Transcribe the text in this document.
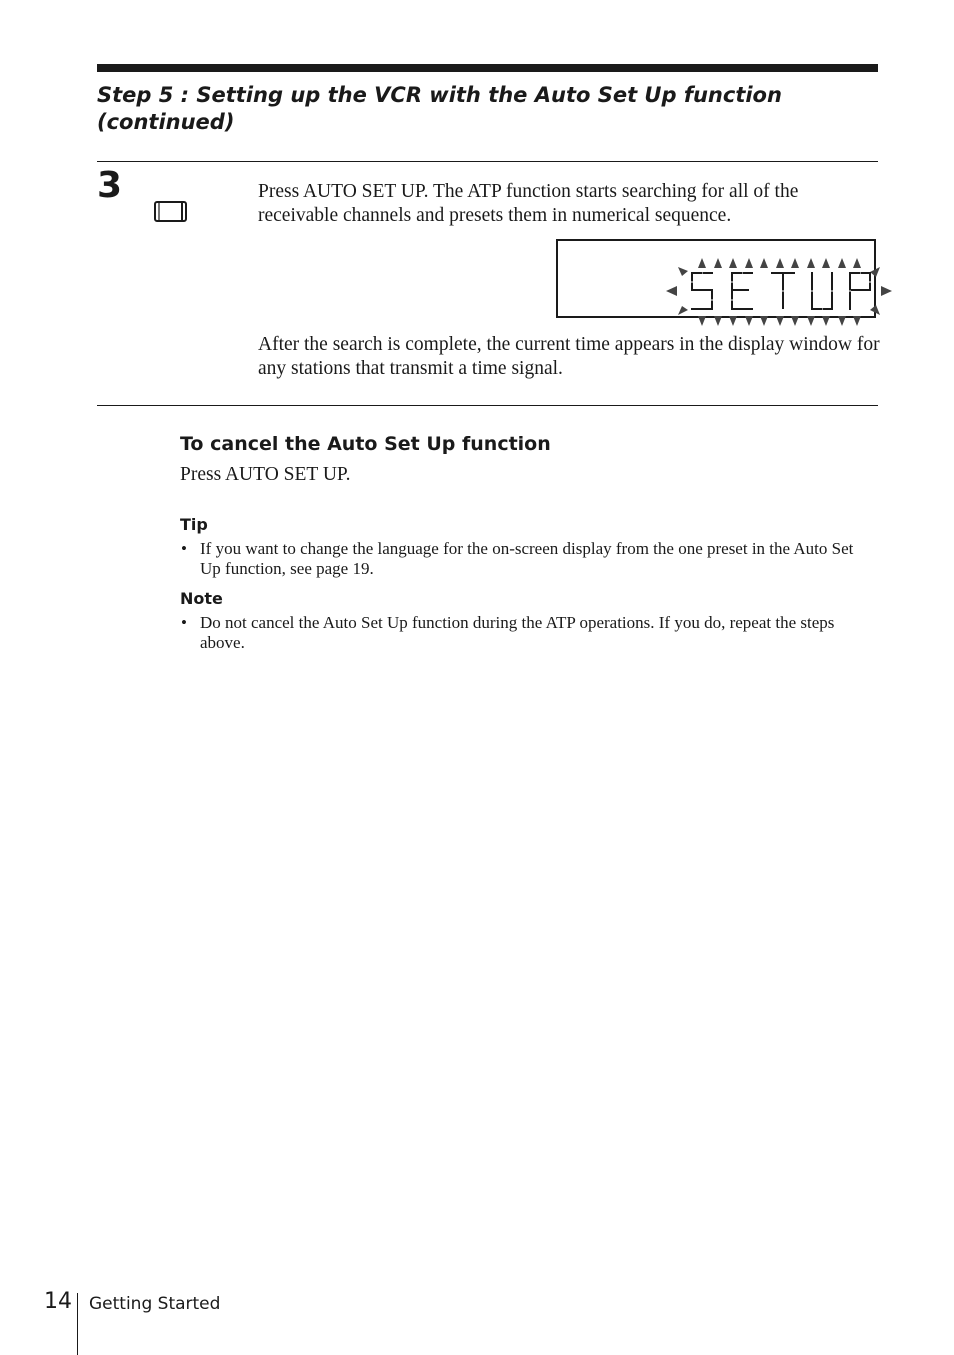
Step 5 : Setting up the VCR with the Auto Set Up function
(continued)
3	Press AUTO SET UP. The ATP function starts searching for all of the receivable channels and presets them in numerical sequence.

After the search is complete, the current time appears in the display window for any stations that transmit a time signal.

To cancel the Auto Set Up function

Press AUTO SET UP.

Tip

• If you want to change the language for the on-screen display from the one preset in the Auto Set Up function, see page 19.

Note

• Do not cancel the Auto Set Up function during the ATP operations. If you do, repeat the steps above.

14 Getting Started
